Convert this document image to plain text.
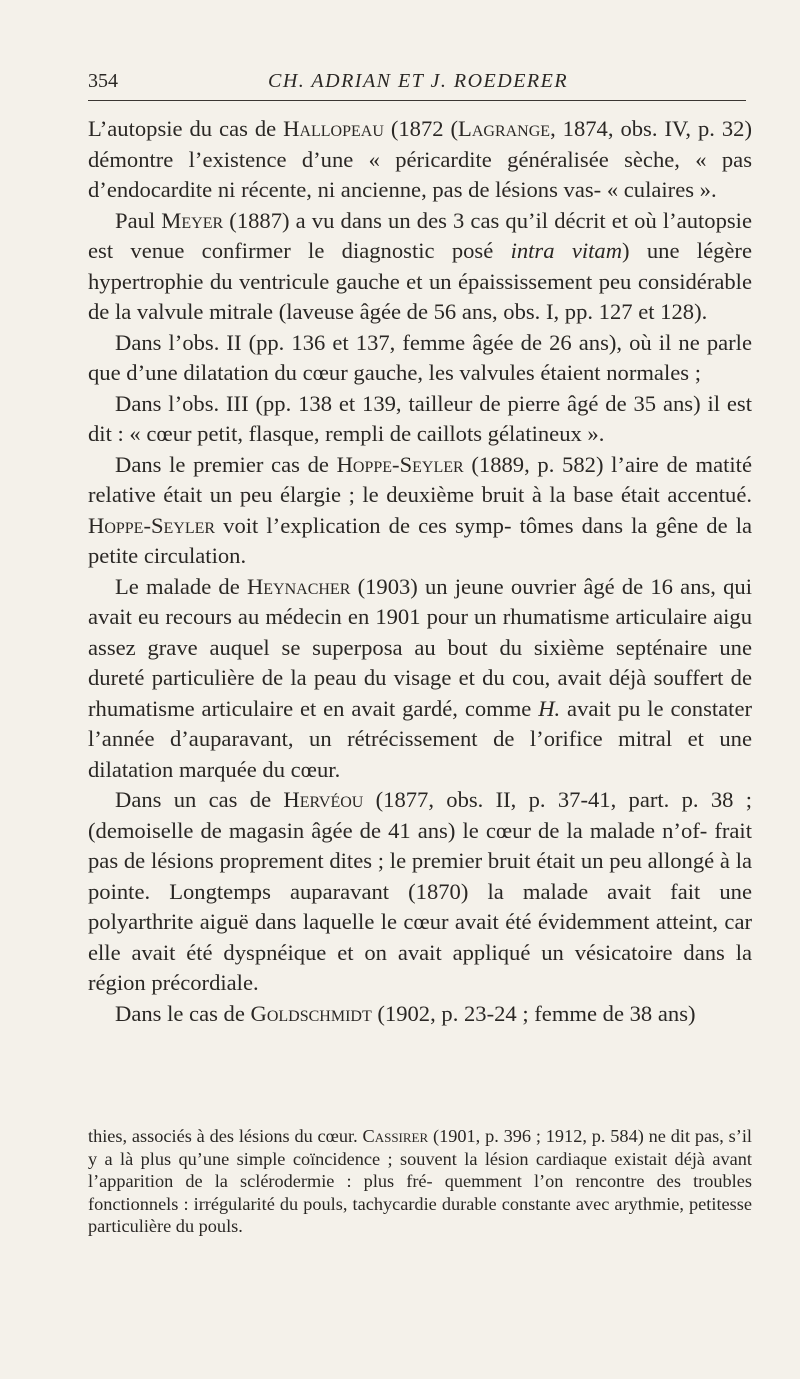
354	CH. ADRIAN ET J. ROEDERER

L’autopsie du cas de Hallopeau (1872 (Lagrange, 1874, obs. IV, p. 32) démontre l’existence d’une « péricardite généralisée sèche, « pas d’endocardite ni récente, ni ancienne, pas de lésions vas- « culaires ».

Paul Meyer (1887) a vu dans un des 3 cas qu’il décrit et où l’autopsie est venue confirmer le diagnostic posé intra vitam) une légère hypertrophie du ventricule gauche et un épaississement peu considérable de la valvule mitrale (laveuse âgée de 56 ans, obs. I, pp. 127 et 128).

Dans l’obs. II (pp. 136 et 137, femme âgée de 26 ans), où il ne parle que d’une dilatation du cœur gauche, les valvules étaient normales ;

Dans l’obs. III (pp. 138 et 139, tailleur de pierre âgé de 35 ans) il est dit : « cœur petit, flasque, rempli de caillots gélatineux ».

Dans le premier cas de Hoppe-Seyler (1889, p. 582) l’aire de matité relative était un peu élargie ; le deuxième bruit à la base était accentué. Hoppe-Seyler voit l’explication de ces symp- tômes dans la gêne de la petite circulation.

Le malade de Heynacher (1903) un jeune ouvrier âgé de 16 ans, qui avait eu recours au médecin en 1901 pour un rhumatisme articulaire aigu assez grave auquel se superposa au bout du sixième septénaire une dureté particulière de la peau du visage et du cou, avait déjà souffert de rhumatisme articulaire et en avait gardé, comme H. avait pu le constater l’année d’auparavant, un rétrécissement de l’orifice mitral et une dilatation marquée du cœur.

Dans un cas de Hervéou (1877, obs. II, p. 37-41, part. p. 38 ; (demoiselle de magasin âgée de 41 ans) le cœur de la malade n’of- frait pas de lésions proprement dites ; le premier bruit était un peu allongé à la pointe. Longtemps auparavant (1870) la malade avait fait une polyarthrite aiguë dans laquelle le cœur avait été évidemment atteint, car elle avait été dyspnéique et on avait appliqué un vésicatoire dans la région précordiale.

Dans le cas de Goldschmidt (1902, p. 23-24 ; femme de 38 ans)

thies, associés à des lésions du cœur. Cassirer (1901, p. 396 ; 1912, p. 584) ne dit pas, s’il y a là plus qu’une simple coïncidence ; souvent la lésion cardiaque existait déjà avant l’apparition de la sclérodermie : plus fré- quemment l’on rencontre des troubles fonctionnels : irrégularité du pouls, tachycardie durable constante avec arythmie, petitesse particulière du pouls.
